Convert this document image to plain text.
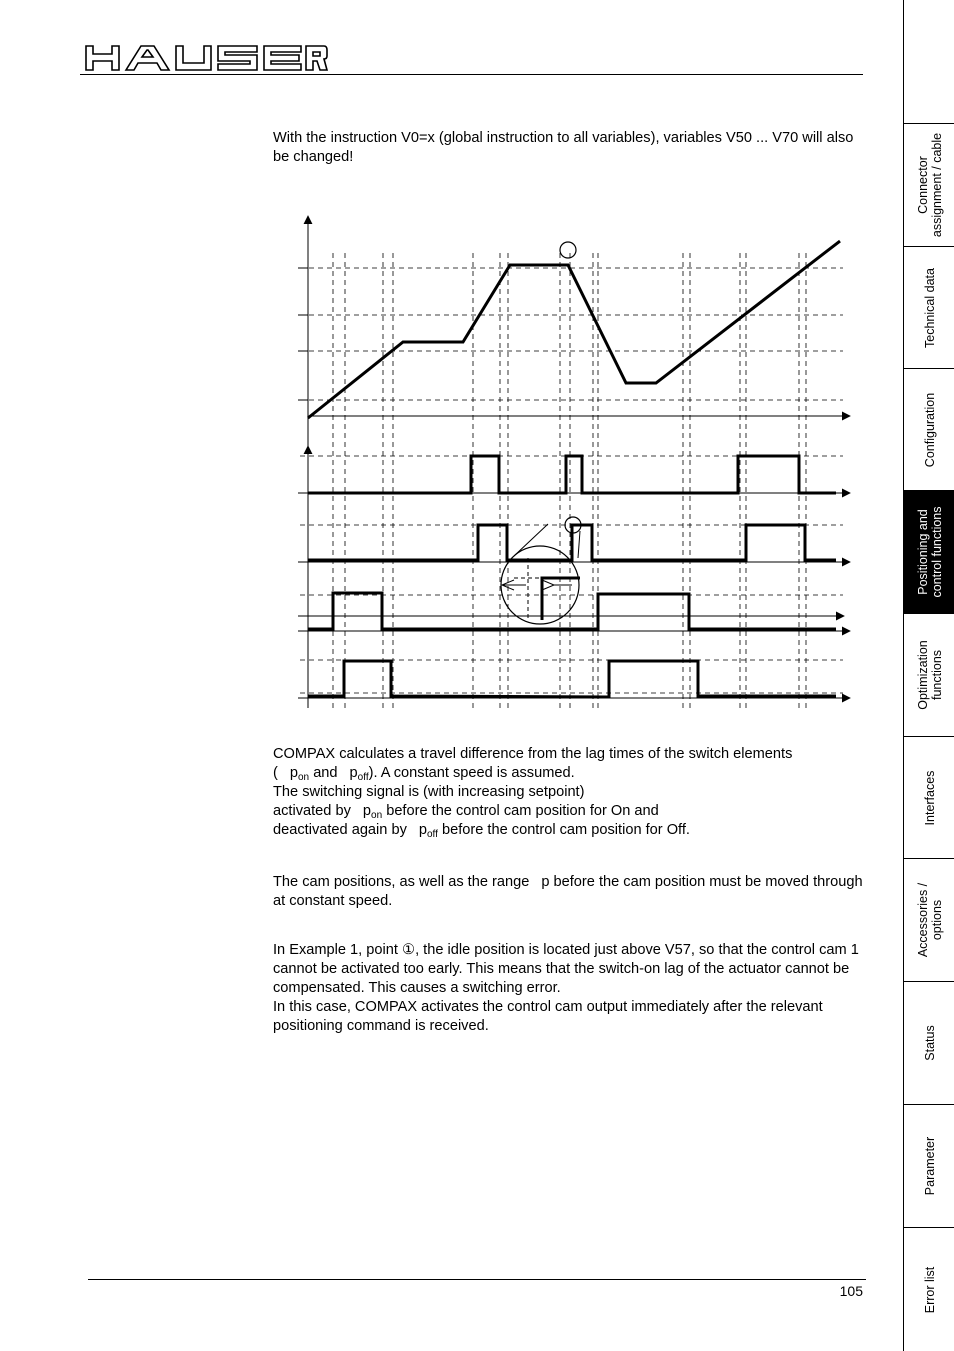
With the instruction V0=x (global instruction to all variables), variables V50 ... V70 will also be changed!

COMPAX calculates a travel difference from the lag times of the switch elements

( $p_{on}$ and $p_{off}$). A constant speed is assumed.

The switching signal is (with increasing setpoint)

activated by $p_{on}$ before the control cam position for On and

deactivated again by $p_{off}$ before the control cam position for Off.

The cam positions, as well as the range p before the cam position must be moved through at constant speed.

In Example 1, point ①, the idle position is located just above V57, so that the control cam 1 cannot be activated too early. This means that the switch-on lag of the actuator cannot be compensated. This causes a switching error.

In this case, COMPAX activates the control cam output immediately after the relevant positioning command is received.

105
Connector assignment / cable
Technical data
Configuration
Positioning and control functions
Optimization functions
Interfaces
Accessories / options
Status
Parameter
Error list
